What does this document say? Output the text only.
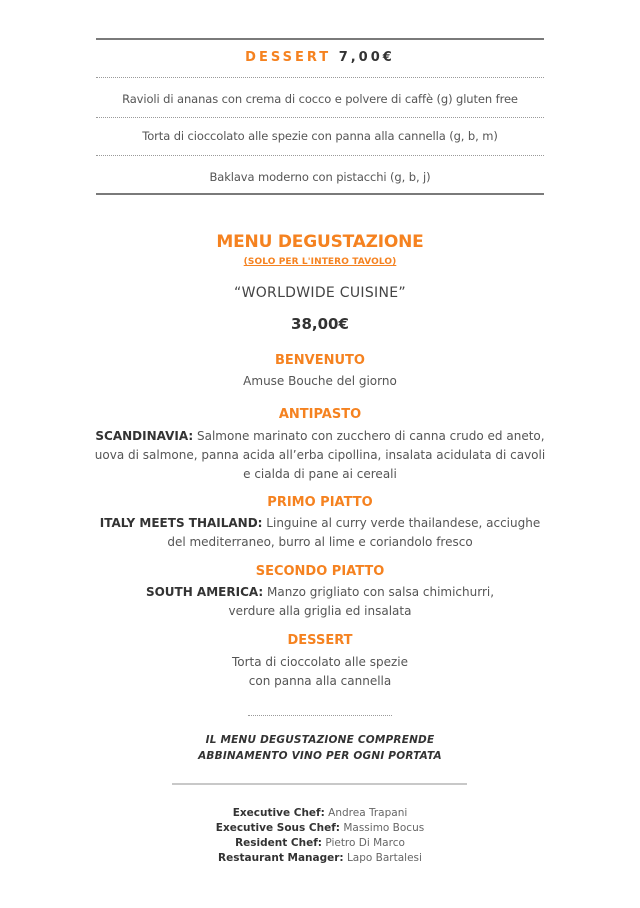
DESSERT 7,00€
Ravioli di ananas con crema di cocco e polvere di caffè (g) gluten free
Torta di cioccolato alle spezie con panna alla cannella (g, b, m)
Baklava moderno con pistacchi (g, b, j)
MENU DEGUSTAZIONE
(SOLO PER L'INTERO TAVOLO)
“WORLDWIDE CUISINE”
38,00€
BENVENUTO
Amuse Bouche del giorno
ANTIPASTO
SCANDINAVIA: Salmone marinato con zucchero di canna crudo ed aneto,
uova di salmone, panna acida all’erba cipollina, insalata acidulata di cavoli
e cialda di pane ai cereali
PRIMO PIATTO
ITALY MEETS THAILAND: Linguine al curry verde thailandese, acciughe
del mediterraneo, burro al lime e coriandolo fresco
SECONDO PIATTO
SOUTH AMERICA: Manzo grigliato con salsa chimichurri,
verdure alla griglia ed insalata
DESSERT
Torta di cioccolato alle spezie
con panna alla cannella
IL MENU DEGUSTAZIONE COMPRENDE
ABBINAMENTO VINO PER OGNI PORTATA
Executive Chef: Andrea Trapani
Executive Sous Chef: Massimo Bocus
Resident Chef: Pietro Di Marco
Restaurant Manager: Lapo Bartalesi
